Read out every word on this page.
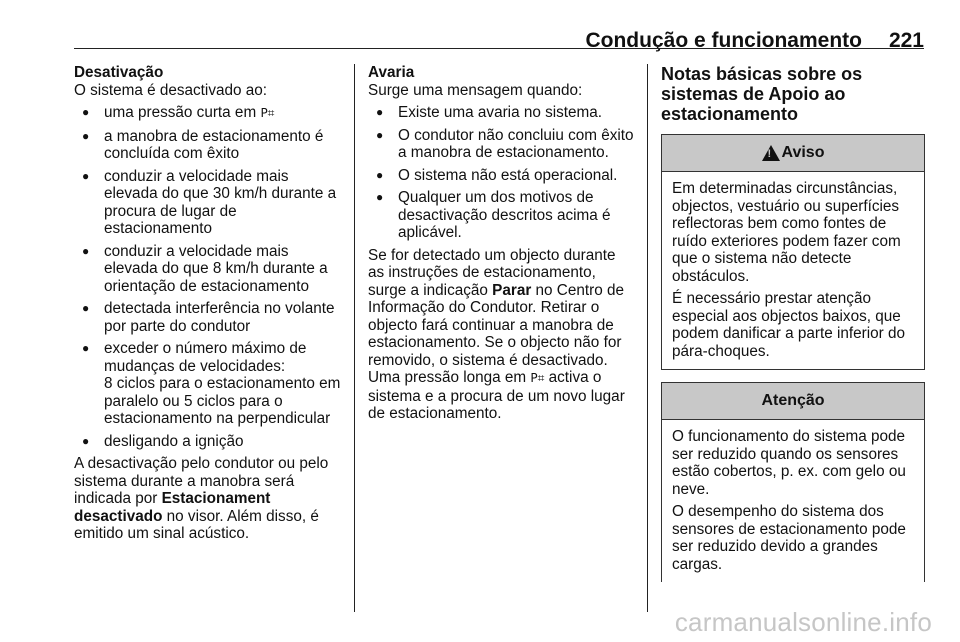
Condução e funcionamento 221

Desativação

O sistema é desactivado ao:

● uma pressão curta em P⌗
● a manobra de estacionamento é concluída com êxito
● conduzir a velocidade mais elevada do que 30 km/h durante a procura de lugar de estacionamento
● conduzir a velocidade mais elevada do que 8 km/h durante a orientação de estacionamento
● detectada interferência no volante por parte do condutor
● exceder o número máximo de mudanças de velocidades:
8 ciclos para o estacionamento em paralelo ou 5 ciclos para o estacionamento na perpendicular
● desligando a ignição

A desactivação pelo condutor ou pelo sistema durante a manobra será indicada por Estacionament desactivado no visor. Além disso, é emitido um sinal acústico.

Avaria

Surge uma mensagem quando:

● Existe uma avaria no sistema.
● O condutor não concluiu com êxito a manobra de estacionamento.
● O sistema não está operacional.
● Qualquer um dos motivos de desactivação descritos acima é aplicável.

Se for detectado um objecto durante as instruções de estacionamento, surge a indicação Parar no Centro de Informação do Condutor. Retirar o objecto fará continuar a manobra de estacionamento. Se o objecto não for removido, o sistema é desactivado. Uma pressão longa em P⌗ activa o sistema e a procura de um novo lugar de estacionamento.

Notas básicas sobre os sistemas de Apoio ao estacionamento

!
Aviso

Em determinadas circunstâncias, objectos, vestuário ou superfícies reflectoras bem como fontes de ruído exteriores podem fazer com que o sistema não detecte obstáculos.

É necessário prestar atenção especial aos objectos baixos, que podem danificar a parte inferior do pára-choques.

Atenção

O funcionamento do sistema pode ser reduzido quando os sensores estão cobertos, p. ex. com gelo ou neve.

O desempenho do sistema dos sensores de estacionamento pode ser reduzido devido a grandes cargas.

carmanualsonline.info
